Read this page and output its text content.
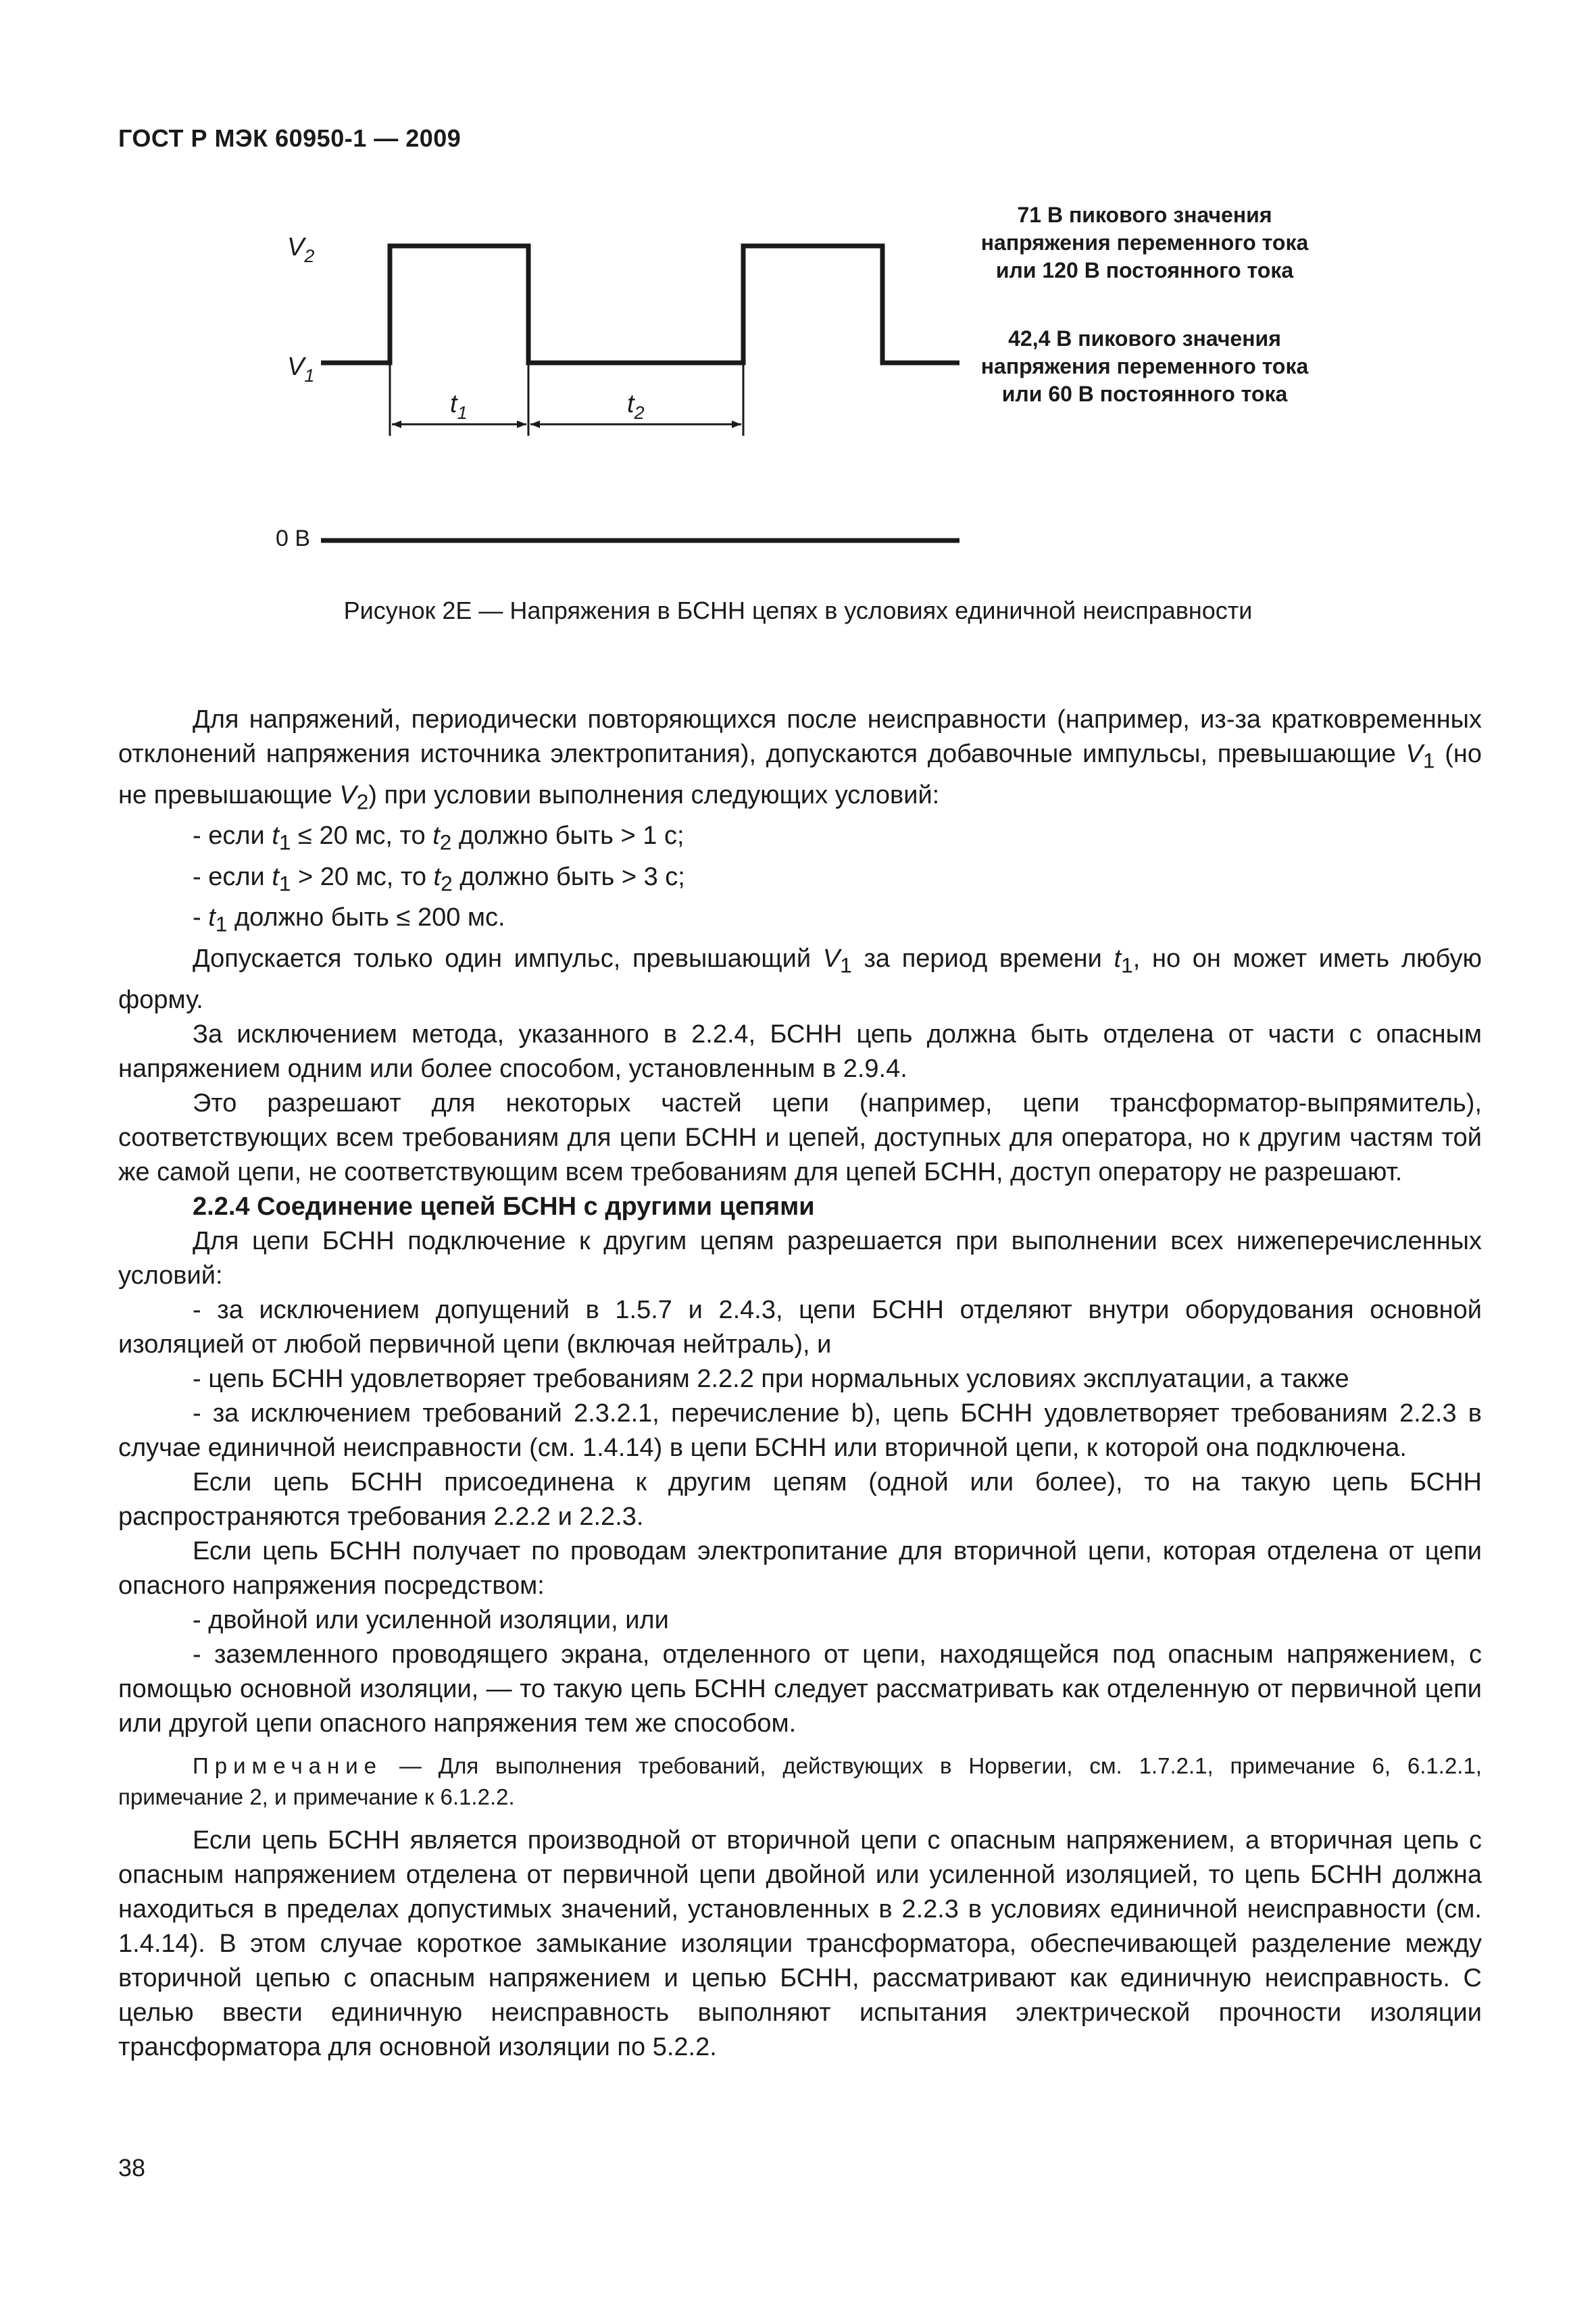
ГОСТ Р МЭК 60950-1 — 2009
$V_2$
$V_1$
0 В
$t_1$	$t_2$
71 В пикового значения
напряжения переменного тока
или 120 В постоянного тока
42,4 В пикового значения
напряжения переменного тока
или 60 В постоянного тока
Рисунок 2Е — Напряжения в БСНН цепях в условиях единичной неисправности

Для напряжений, периодически повторяющихся после неисправности (например, из-за кратковременных отклонений напряжения источника электропитания), допускаются добавочные импульсы, превышающие $V_1$ (но не превышающие $V_2$) при условии выполнения следующих условий:

- если $t_1 \le 20$ мс, то $t_2$ должно быть > 1 с;

- если $t_1 > 20$ мс, то $t_2$ должно быть > 3 с;

- $t_1$ должно быть ≤ 200 мс.

Допускается только один импульс, превышающий $V_1$ за период времени $t_1$, но он может иметь любую форму.

За исключением метода, указанного в 2.2.4, БСНН цепь должна быть отделена от части с опасным напряжением одним или более способом, установленным в 2.9.4.

Это разрешают для некоторых частей цепи (например, цепи трансформатор-выпрямитель), соответствующих всем требованиям для цепи БСНН и цепей, доступных для оператора, но к другим частям той же самой цепи, не соответствующим всем требованиям для цепей БСНН, доступ оператору не разрешают.

2.2.4 Соединение цепей БСНН с другими цепями

Для цепи БСНН подключение к другим цепям разрешается при выполнении всех нижеперечисленных условий:

- за исключением допущений в 1.5.7 и 2.4.3, цепи БСНН отделяют внутри оборудования основной изоляцией от любой первичной цепи (включая нейтраль), и

- цепь БСНН удовлетворяет требованиям 2.2.2 при нормальных условиях эксплуатации, а также

- за исключением требований 2.3.2.1, перечисление b), цепь БСНН удовлетворяет требованиям 2.2.3 в случае единичной неисправности (см. 1.4.14) в цепи БСНН или вторичной цепи, к которой она подключена.

Если цепь БСНН присоединена к другим цепям (одной или более), то на такую цепь БСНН распространяются требования 2.2.2 и 2.2.3.

Если цепь БСНН получает по проводам электропитание для вторичной цепи, которая отделена от цепи опасного напряжения посредством:

- двойной или усиленной изоляции, или

- заземленного проводящего экрана, отделенного от цепи, находящейся под опасным напряжением, с помощью основной изоляции, — то такую цепь БСНН следует рассматривать как отделенную от первичной цепи или другой цепи опасного напряжения тем же способом.

Примечание — Для выполнения требований, действующих в Норвегии, см. 1.7.2.1, примечание 6, 6.1.2.1, примечание 2, и примечание к 6.1.2.2.

Если цепь БСНН является производной от вторичной цепи с опасным напряжением, а вторичная цепь с опасным напряжением отделена от первичной цепи двойной или усиленной изоляцией, то цепь БСНН должна находиться в пределах допустимых значений, установленных в 2.2.3 в условиях единичной неисправности (см. 1.4.14). В этом случае короткое замыкание изоляции трансформатора, обеспечивающей разделение между вторичной цепью с опасным напряжением и цепью БСНН, рассматривают как единичную неисправность. С целью ввести единичную неисправность выполняют испытания электрической прочности изоляции трансформатора для основной изоляции по 5.2.2.

38
